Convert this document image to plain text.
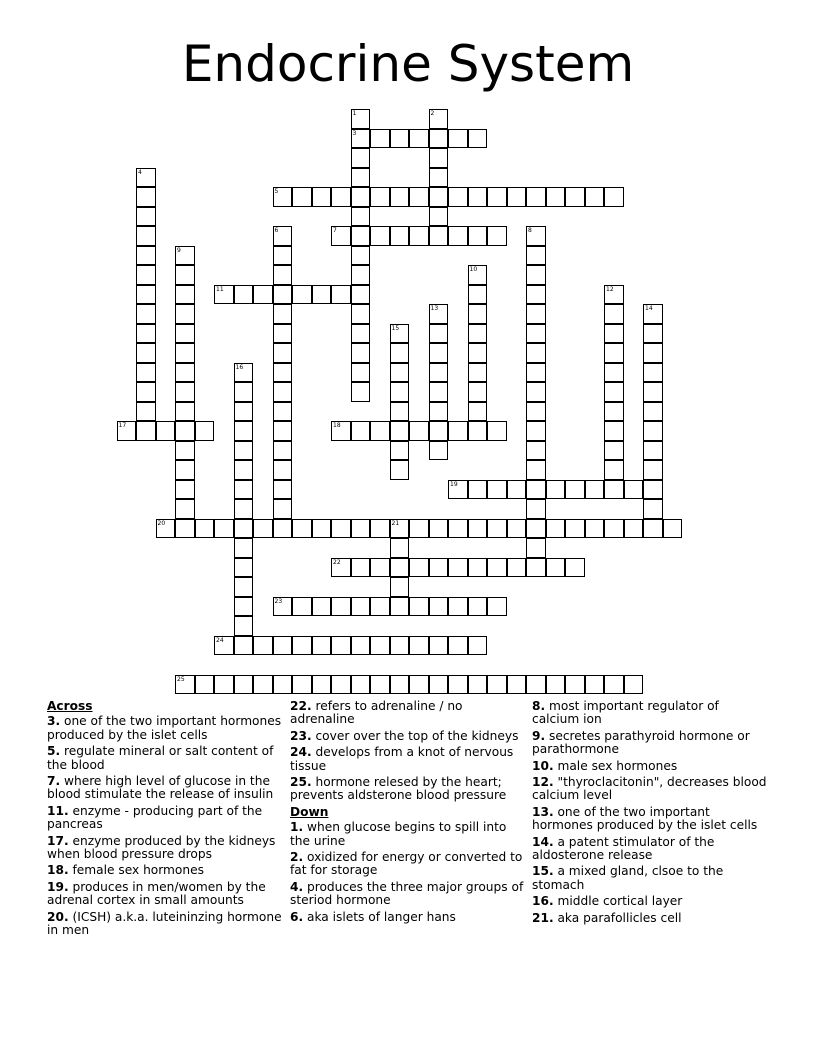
Endocrine System
3
5
7
11
17	18
19
20	21
22
23
24
25
1	2
4
6	8
9
10
12
13	14
15
16
Across
3. one of the two important hormones produced by the islet cells
5. regulate mineral or salt content of the blood
7. where high level of glucose in the blood stimulate the release of insulin
11. enzyme - producing part of the pancreas
17. enzyme produced by the kidneys when blood pressure drops
18. female sex hormones
19. produces in men/women by the adrenal cortex in small amounts
20. (ICSH) a.k.a. luteininzing hormone in men
22. refers to adrenaline / no adrenaline
23. cover over the top of the kidneys
24. develops from a knot of nervous tissue
25. hormone relesed by the heart; prevents aldsterone blood pressure
Down
1. when glucose begins to spill into the urine
2. oxidized for energy or converted to fat for storage
4. produces the three major groups of steriod hormone
6. aka islets of langer hans
8. most important regulator of calcium ion
9. secretes parathyroid hormone or parathormone
10. male sex hormones
12. "thyroclacitonin", decreases blood calcium level
13. one of the two important hormones produced by the islet cells
14. a patent stimulator of the aldosterone release
15. a mixed gland, clsoe to the stomach
16. middle cortical layer
21. aka parafollicles cell
